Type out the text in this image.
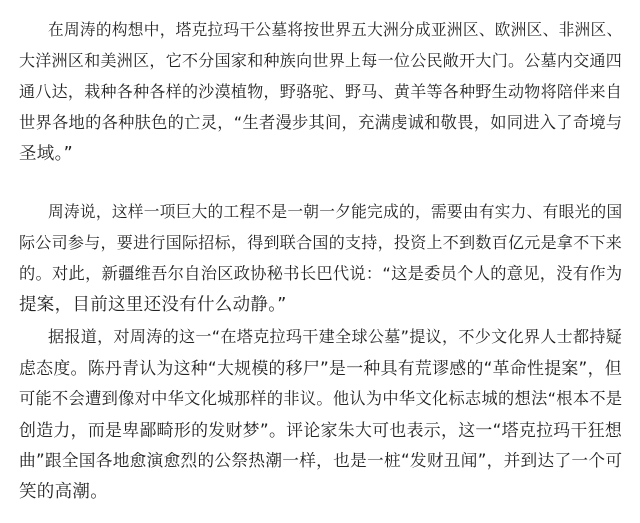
在周涛的构想中，塔克拉玛干公墓将按世界五大洲分成亚洲区、欧洲区、非洲区、
大洋洲区和美洲区，它不分国家和种族向世界上每一位公民敞开大门。公墓内交通四
通八达，栽种各种各样的沙漠植物，野骆驼、野马、黄羊等各种野生动物将陪伴来自
世界各地的各种肤色的亡灵，“生者漫步其间，充满虔诚和敬畏，如同进入了奇境与
圣域。”
周涛说，这样一项巨大的工程不是一朝一夕能完成的，需要由有实力、有眼光的国
际公司参与，要进行国际招标，得到联合国的支持，投资上不到数百亿元是拿不下来
的。对此，新疆维吾尔自治区政协秘书长巴代说：“这是委员个人的意见，没有作为
提案，目前这里还没有什么动静。”
据报道，对周涛的这一“在塔克拉玛干建全球公墓”提议，不少文化界人士都持疑
虑态度。陈丹青认为这种“大规模的移尸”是一种具有荒谬感的“革命性提案”，但
可能不会遭到像对中华文化城那样的非议。他认为中华文化标志城的想法“根本不是
创造力，而是卑鄙畸形的发财梦”。评论家朱大可也表示，这一“塔克拉玛干狂想
曲”跟全国各地愈演愈烈的公祭热潮一样，也是一桩“发财丑闻”，并到达了一个可
笑的高潮。
